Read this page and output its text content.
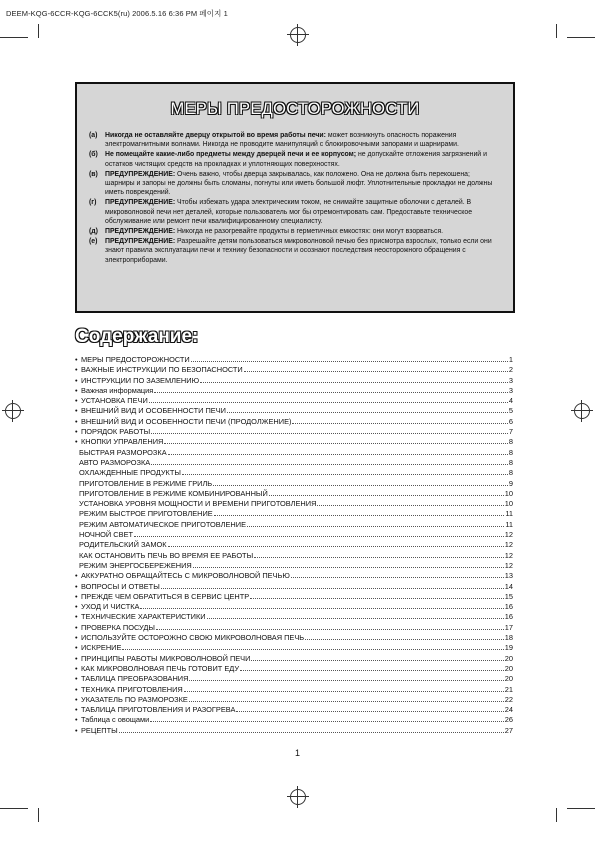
DEEM-KQG-6CCR-KQG-6CCK5(ru) 2006.5.16 6:36 PM 페이지 1
МЕРЫ ПРЕДОСТОРОЖНОСТИ
(a) Никогда не оставляйте дверцу открытой во время работы печи: может возникнуть опасность поражения электромагнитными волнами. Никогда не проводите манипуляций с блокировочными запорами и шарнирами.
(б) Не помещайте какие-либо предметы между дверцей печи и ее корпусом; не допускайте отложения загрязнений и остатков чистящих средств на прокладках и уплотняющих поверхностях.
(в) ПРЕДУПРЕЖДЕНИЕ: Очень важно, чтобы дверца закрывалась, как положено. Она не должна быть перекошена; шарниры и запоры не должны быть сломаны, погнуты или иметь большой люфт. Уплотнительные прокладки не должны иметь повреждений.
(г) ПРЕДУПРЕЖДЕНИЕ: Чтобы избежать удара электрическим током, не снимайте защитные оболочки с деталей. В микроволновой печи нет деталей, которые пользователь мог бы отремонтировать сам. Предоставьте техническое обслуживание или ремонт печи квалифицированному специалисту.
(д) ПРЕДУПРЕЖДЕНИЕ: Никогда не разогревайте продукты в герметичных емкостях: они могут взорваться.
(е) ПРЕДУПРЕЖДЕНИЕ: Разрешайте детям пользоваться микроволновой печью без присмотра взрослых, только если они знают правила эксплуатации печи и технику безопасности и осознают последствия неосторожного обращения с электроприборами.
Содержание:
• МЕРЫ ПРЕДОСТОРОЖНОСТИ	1
• ВАЖНЫЕ ИНСТРУКЦИИ ПО БЕЗОПАСНОСТИ	2
• ИНСТРУКЦИИ ПО ЗАЗЕМЛЕНИЮ	3
• Важная информация	3
• УСТАНОВКА ПЕЧИ	4
• ВНЕШНИЙ ВИД И ОСОБЕННОСТИ ПЕЧИ	5
• ВНЕШНИЙ ВИД И ОСОБЕННОСТИ ПЕЧИ (ПРОДОЛЖЕНИЕ)	6
• ПОРЯДОК РАБОТЫ	7
• КНОПКИ УПРАВЛЕНИЯ	8
БЫСТРАЯ РАЗМОРОЗКА	8
АВТО РАЗМОРОЗКА	8
ОХЛАЖДЕННЫЕ ПРОДУКТЫ	8
ПРИГОТОВЛЕНИЕ В РЕЖИМЕ ГРИЛЬ	9
ПРИГОТОВЛЕНИЕ В РЕЖИМЕ КОМБИНИРОВАННЫЙ	10
УСТАНОВКА УРОВНЯ МОЩНОСТИ И ВРЕМЕНИ ПРИГОТОВЛЕНИЯ	10
РЕЖИМ БЫСТРОЕ ПРИГОТОВЛЕНИЕ	11
РЕЖИМ АВТОМАТИЧЕСКОЕ ПРИГОТОВЛЕНИЕ	11
НОЧНОЙ СВЕТ	12
РОДИТЕЛЬСКИЙ ЗАМОК	12
КАК ОСТАНОВИТЬ ПЕЧЬ ВО ВРЕМЯ ЕЕ РАБОТЫ	12
РЕЖИМ ЭНЕРГОСБЕРЕЖЕНИЯ	12
• АККУРАТНО ОБРАЩАЙТЕСЬ С МИКРОВОЛНОВОЙ ПЕЧЬЮ	13
• ВОПРОСЫ И ОТВЕТЫ	14
• ПРЕЖДЕ ЧЕМ ОБРАТИТЬСЯ В СЕРВИС ЦЕНТР	15
• УХОД И ЧИСТКА	16
• ТЕХНИЧЕСКИЕ ХАРАКТЕРИСТИКИ	16
• ПРОВЕРКА ПОСУДЫ	17
• ИСПОЛЬЗУЙТЕ ОСТОРОЖНО СВОЮ МИКРОВОЛНОВАЯ ПЕЧЬ	18
• ИСКРЕНИЕ	19
• ПРИНЦИПЫ РАБОТЫ МИКРОВОЛНОВОЙ ПЕЧИ	20
• КАК МИКРОВОЛНОВАЯ ПЕЧЬ ГОТОВИТ ЕДУ	20
• ТАБЛИЦА ПРЕОБРАЗОВАНИЯ	20
• ТЕХНИКА ПРИГОТОВЛЕНИЯ	21
• УКАЗАТЕЛЬ ПО РАЗМОРОЗКЕ	22
• ТАБЛИЦА ПРИГОТОВЛЕНИЯ И РАЗОГРЕВА	24
• Таблица с овощами	26
• РЕЦЕПТЫ	27
1
